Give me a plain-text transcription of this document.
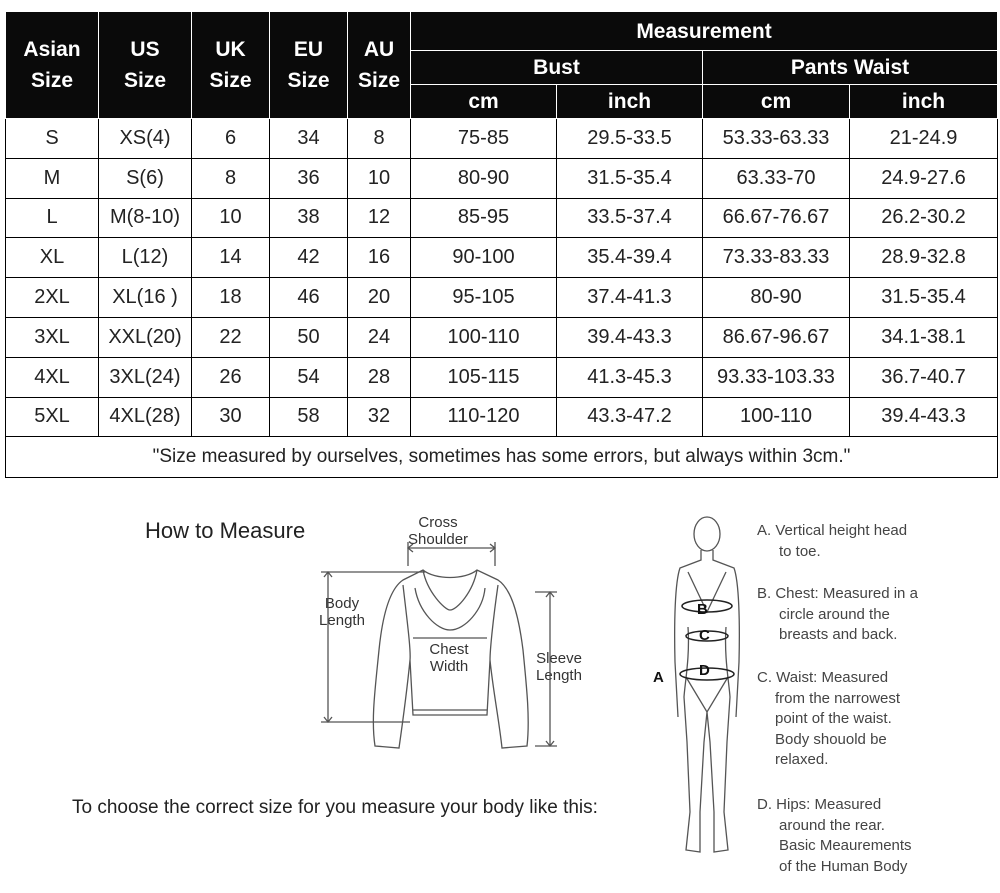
Asian Size	US Size	UK Size	EU Size	AU Size	Measurement			
					Bust		Pants Waist	
					cm	inch	cm	inch
S	XS(4)	6	34	8	75-85	29.5-33.5	53.33-63.33	21-24.9
M	S(6)	8	36	10	80-90	31.5-35.4	63.33-70	24.9-27.6
L	M(8-10)	10	38	12	85-95	33.5-37.4	66.67-76.67	26.2-30.2
XL	L(12)	14	42	16	90-100	35.4-39.4	73.33-83.33	28.9-32.8
2XL	XL(16 )	18	46	20	95-105	37.4-41.3	80-90	31.5-35.4
3XL	XXL(20)	22	50	24	100-110	39.4-43.3	86.67-96.67	34.1-38.1
4XL	3XL(24)	26	54	28	105-115	41.3-45.3	93.33-103.33	36.7-40.7
5XL	4XL(28)	30	58	32	110-120	43.3-47.2	100-110	39.4-43.3
"Size measured by ourselves, sometimes has some errors, but always within 3cm."								
How to Measure	Cross
Shoulder
Body
Length
Chest
Width	Sleeve
Length
To choose the correct size for you measure your body like this:
B
C
D
A
A. Vertical height head
to toe.
B. Chest: Measured in a
circle around the
breasts and back.
C. Waist: Measured
from the narrowest
point of the waist.
Body shouold be
relaxed.
D. Hips: Measured
around the rear.
Basic Meaurements
of the Human Body
